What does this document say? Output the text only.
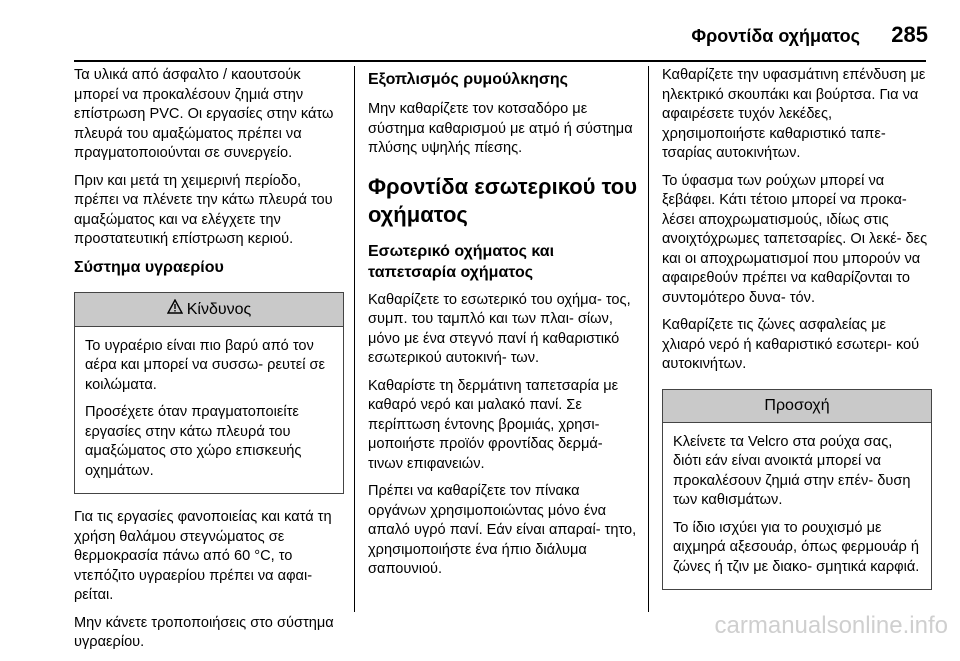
Φροντίδα οχήματος 285

Τα υλικά από άσφαλτο / καουτσούκ μπορεί να προκαλέσουν ζημιά στην επίστρωση PVC. Οι εργασίες στην κάτω πλευρά του αμαξώματος πρέπει να πραγματοποιούνται σε συνεργείο.

Πριν και μετά τη χειμερινή περίοδο, πρέπει να πλένετε την κάτω πλευρά του αμαξώματος και να ελέγχετε την προστατευτική επίστρωση κεριού.

Σύστημα υγραερίου
Κίνδυνος

Το υγραέριο είναι πιο βαρύ από τον αέρα και μπορεί να συσσω‐ ρευτεί σε κοιλώματα.

Προσέχετε όταν πραγματοποιείτε εργασίες στην κάτω πλευρά του αμαξώματος στο χώρο επισκευής οχημάτων.

Για τις εργασίες φανοποιείας και κατά τη χρήση θαλάμου στεγνώματος σε θερμοκρασία πάνω από 60 °C, το ντεπόζιτο υγραερίου πρέπει να αφαι‐ ρείται.

Μην κάνετε τροποποιήσεις στο σύστημα υγραερίου.

Εξοπλισμός ρυμούλκησης

Μην καθαρίζετε τον κοτσαδόρο με σύστημα καθαρισμού με ατμό ή σύστημα πλύσης υψηλής πίεσης.

Φροντίδα εσωτερικού του οχήματος
Εσωτερικό οχήματος και ταπετσαρία οχήματος

Καθαρίζετε το εσωτερικό του οχήμα‐ τος, συμπ. του ταμπλό και των πλαι‐ σίων, μόνο με ένα στεγνό πανί ή καθαριστικό εσωτερικού αυτοκινή‐ των.

Καθαρίστε τη δερμάτινη ταπετσαρία με καθαρό νερό και μαλακό πανί. Σε περίπτωση έντονης βρομιάς, χρησι‐ μοποιήστε προϊόν φροντίδας δερμά‐ τινων επιφανειών.

Πρέπει να καθαρίζετε τον πίνακα οργάνων χρησιμοποιώντας μόνο ένα απαλό υγρό πανί. Εάν είναι απαραί‐ τητο, χρησιμοποιήστε ένα ήπιο διάλυμα σαπουνιού.

Καθαρίζετε την υφασμάτινη επένδυση με ηλεκτρικό σκουπάκι και βούρτσα. Για να αφαιρέσετε τυχόν λεκέδες, χρησιμοποιήστε καθαριστικό ταπε‐ τσαρίας αυτοκινήτων.

Το ύφασμα των ρούχων μπορεί να ξεβάφει. Κάτι τέτοιο μπορεί να προκα‐ λέσει αποχρωματισμούς, ιδίως στις ανοιχτόχρωμες ταπετσαρίες. Οι λεκέ‐ δες και οι αποχρωματισμοί που μπορούν να αφαιρεθούν πρέπει να καθαρίζονται το συντομότερο δυνα‐ τόν.

Καθαρίζετε τις ζώνες ασφαλείας με χλιαρό νερό ή καθαριστικό εσωτερι‐ κού αυτοκινήτων.

Προσοχή

Κλείνετε τα Velcro στα ρούχα σας, διότι εάν είναι ανοικτά μπορεί να προκαλέσουν ζημιά στην επέν‐ δυση των καθισμάτων.

Το ίδιο ισχύει για το ρουχισμό με αιχμηρά αξεσουάρ, όπως φερμουάρ ή ζώνες ή τζιν με διακο‐ σμητικά καρφιά.

carmanualsonline.info
